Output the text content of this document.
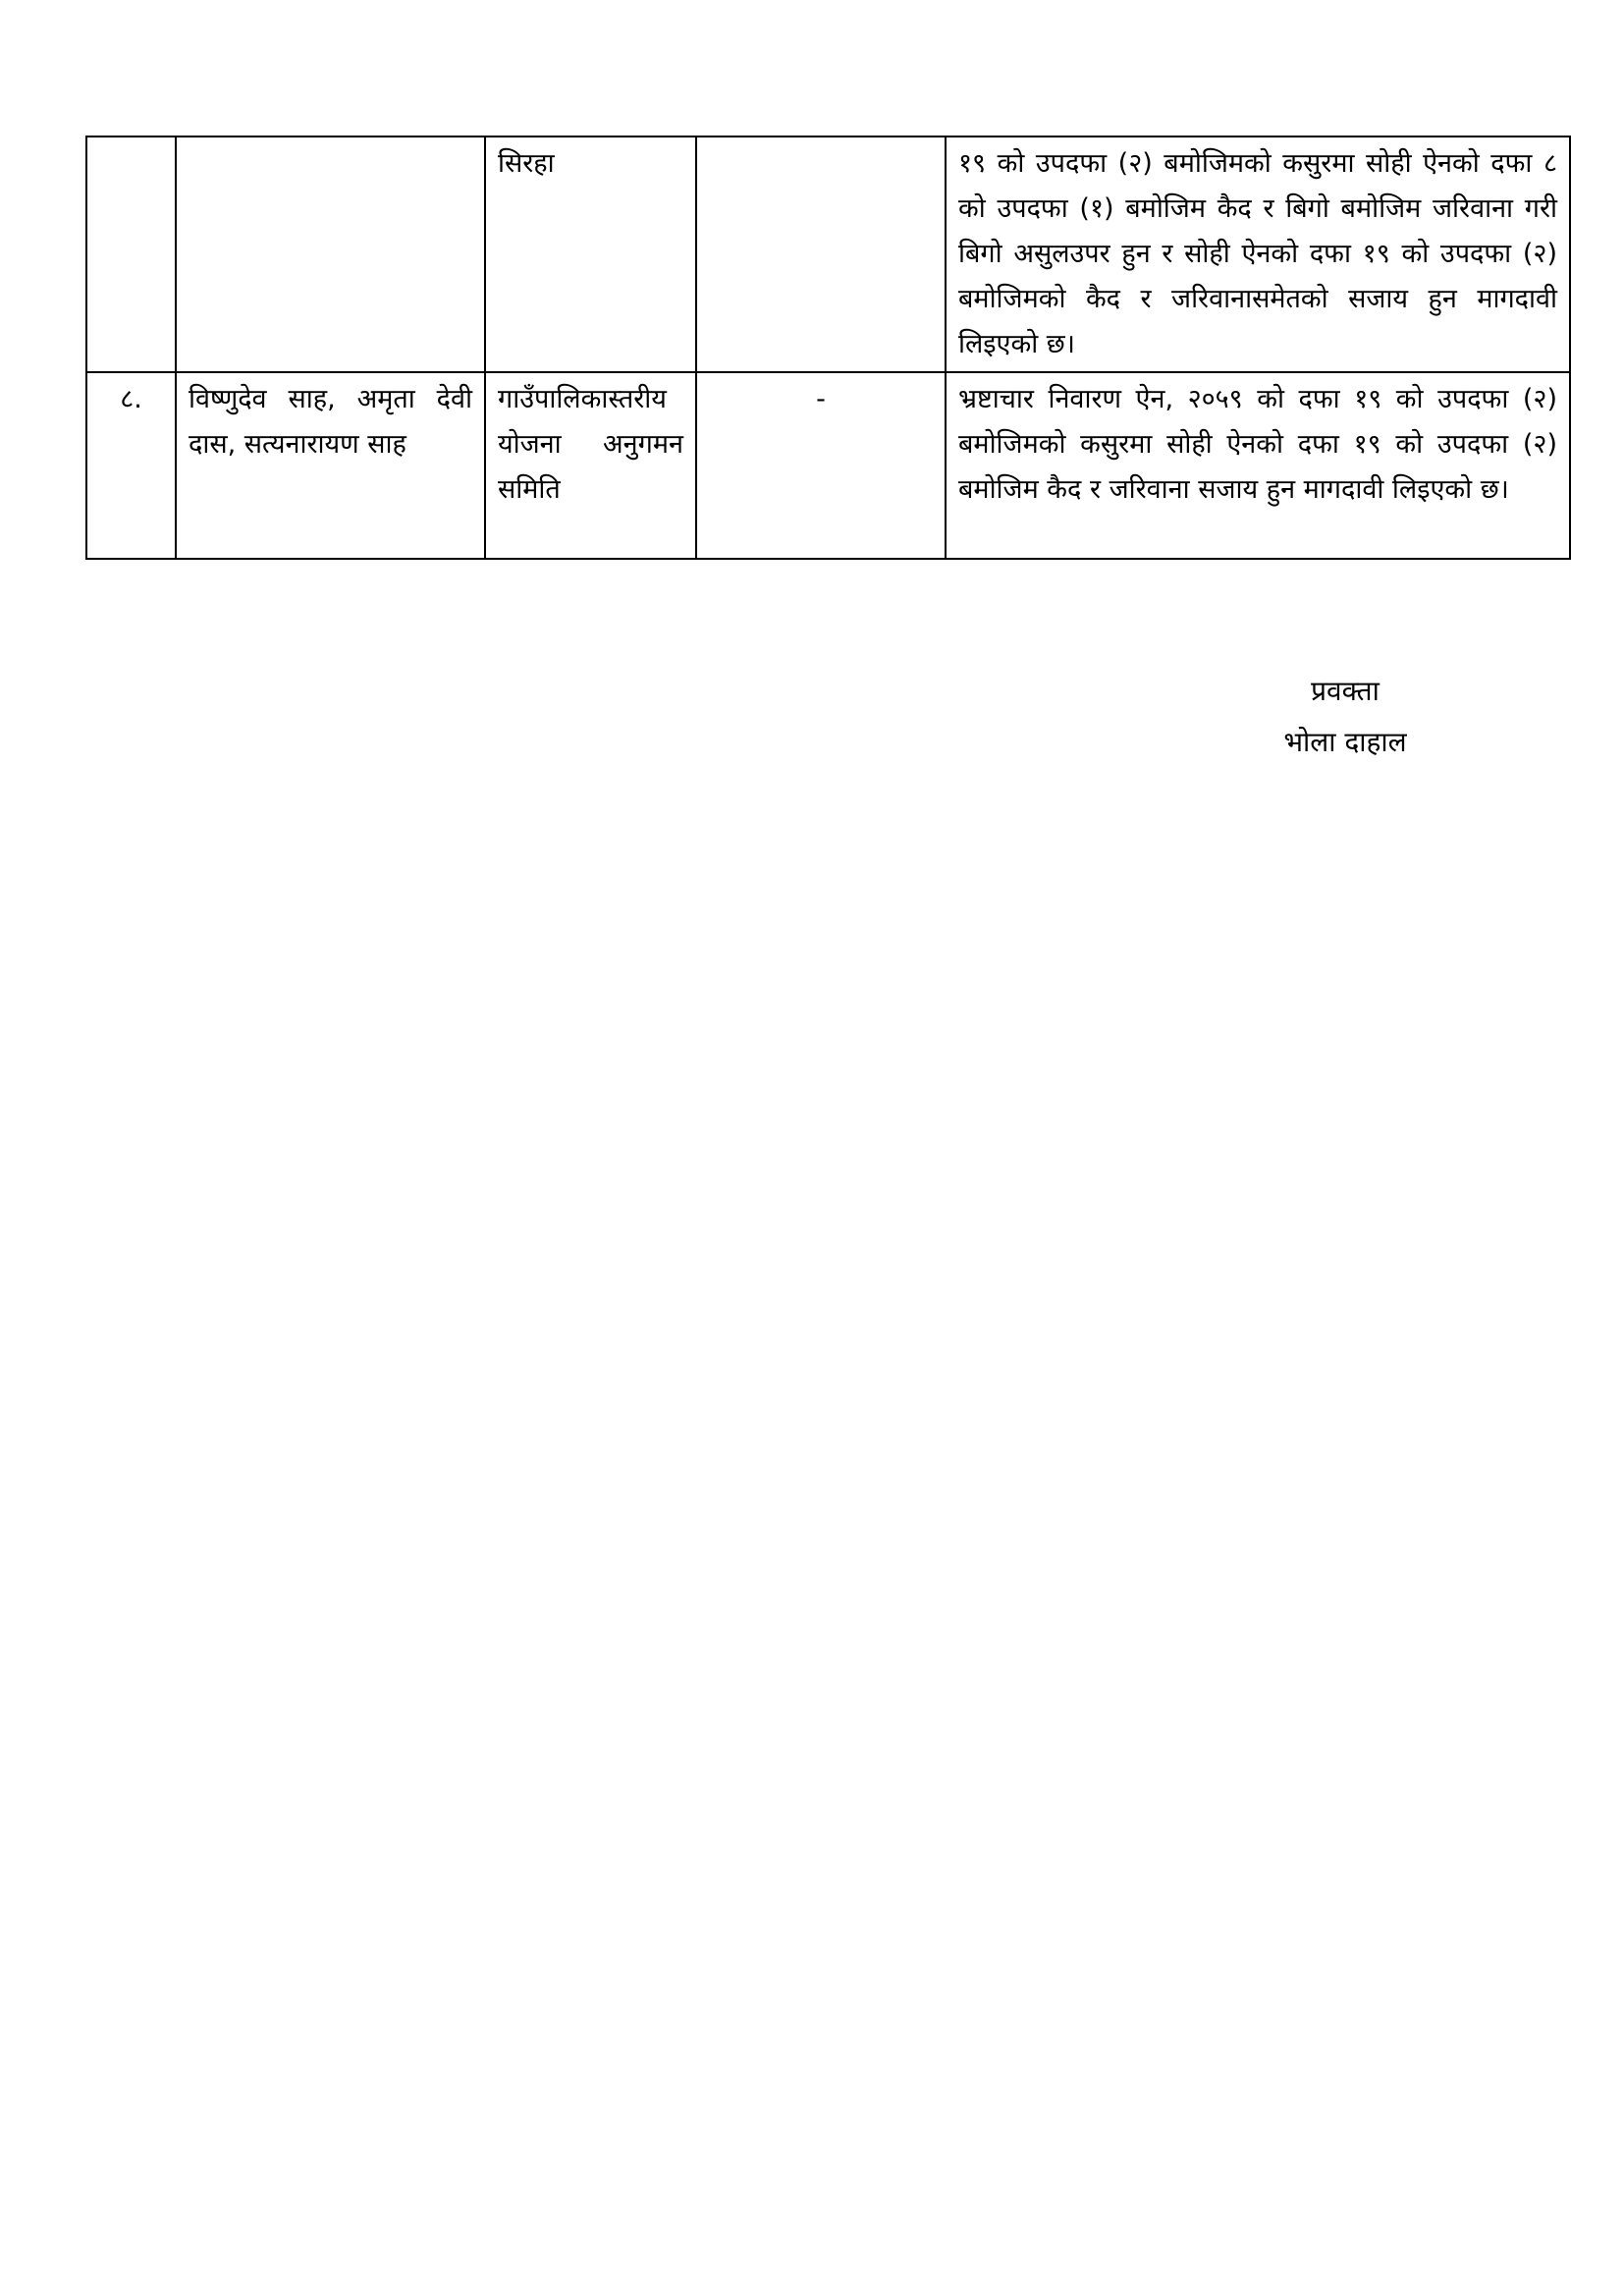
		सिरहा		१९ को उपदफा (२) बमोजिमको कसुरमा सोही ऐनको दफा ८ को उपदफा (१) बमोजिम कैद र बिगो बमोजिम जरिवाना गरी बिगो असुलउपर हुन र सोही ऐनको दफा १९ को उपदफा (२) बमोजिमको कैद र जरिवानासमेतको सजाय हुन मागदावी लिइएको छ।
८.	विष्णुदेव साह, अमृता देवी दास, सत्यनारायण साह	गाउँपालिकास्तरीय योजना अनुगमन समिति	-	भ्रष्टाचार निवारण ऐन, २०५९ को दफा १९ को उपदफा (२) बमोजिमको कसुरमा सोही ऐनको दफा १९ को उपदफा (२) बमोजिम कैद र जरिवाना सजाय हुन मागदावी लिइएको छ।
प्रवक्ता
भोला दाहाल
